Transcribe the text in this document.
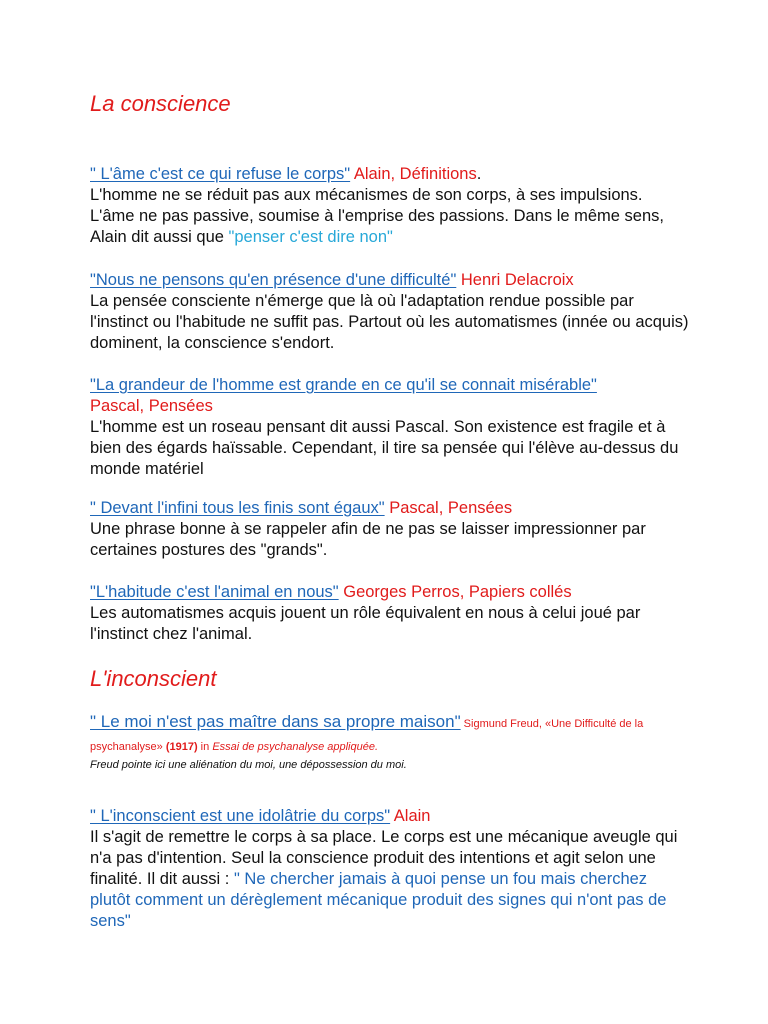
La conscience

" L'âme c'est ce qui refuse le corps" Alain, Définitions.
L'homme ne se réduit pas aux mécanismes de son corps, à ses impulsions. L'âme ne pas passive, soumise à l'emprise des passions. Dans le même sens, Alain dit aussi que "penser c'est dire non"

"Nous ne pensons qu'en présence d'une difficulté" Henri Delacroix
La pensée consciente n'émerge que là où l'adaptation rendue possible par l'instinct ou l'habitude ne suffit pas. Partout où les automatismes (innée ou acquis) dominent, la conscience s'endort.

"La grandeur de l'homme est grande en ce qu'il se connait misérable"
Pascal, Pensées
L'homme est un roseau pensant dit aussi Pascal. Son existence est fragile et à bien des égards haïssable. Cependant, il tire sa pensée qui l'élève au-dessus du monde matériel

" Devant l'infini tous les finis sont égaux" Pascal, Pensées
Une phrase bonne à se rappeler afin de ne pas se laisser impressionner par certaines postures des "grands".

"L'habitude c'est l'animal en nous" Georges Perros, Papiers collés
Les automatismes acquis jouent un rôle équivalent en nous à celui joué par l'instinct chez l'animal.

L'inconscient

" Le moi n'est pas maître dans sa propre maison" Sigmund Freud, «Une Difficulté de la psychanalyse» (1917) in Essai de psychanalyse appliquée.
Freud pointe ici une aliénation du moi, une dépossession du moi.

" L'inconscient est une idolâtrie du corps" Alain
Il s'agit de remettre le corps à sa place. Le corps est une mécanique aveugle qui n'a pas d'intention. Seul la conscience produit des intentions et agit selon une finalité. Il dit aussi : " Ne chercher jamais à quoi pense un fou mais cherchez plutôt comment un dérèglement mécanique produit des signes qui n'ont pas de sens"
